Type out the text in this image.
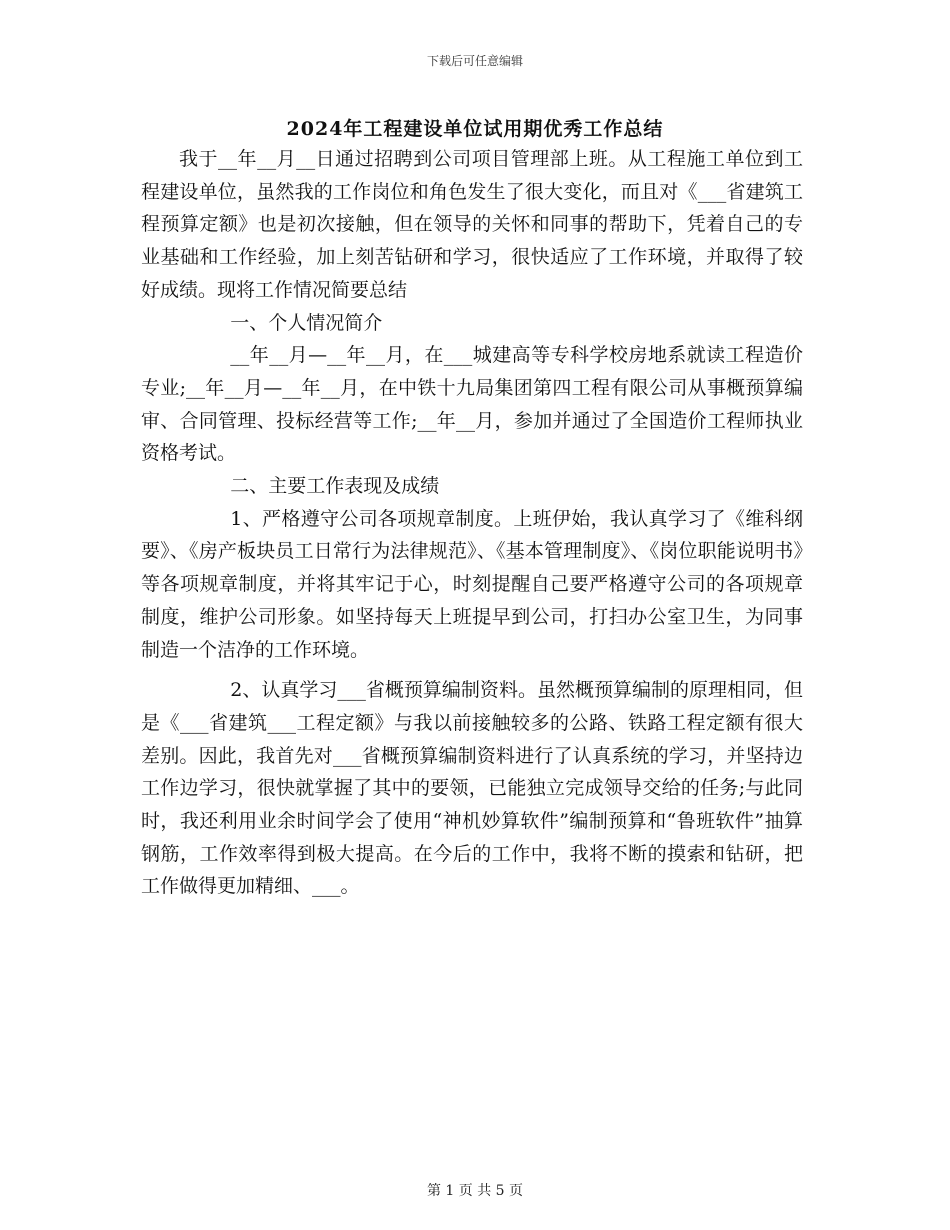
下载后可任意编辑
2024年工程建设单位试用期优秀工作总结

我于__年__月__日通过招聘到公司项目管理部上班。从工程施工单位到工程建设单位，虽然我的工作岗位和角色发生了很大变化，而且对《___省建筑工程预算定额》也是初次接触，但在领导的关怀和同事的帮助下，凭着自己的专业基础和工作经验，加上刻苦钻研和学习，很快适应了工作环境，并取得了较好成绩。现将工作情况简要总结

一、个人情况简介

__年__月—__年__月，在___城建高等专科学校房地系就读工程造价专业;__年__月—__年__月，在中铁十九局集团第四工程有限公司从事概预算编审、合同管理、投标经营等工作;__年__月，参加并通过了全国造价工程师执业资格考试。

二、主要工作表现及成绩

1、严格遵守公司各项规章制度。上班伊始，我认真学习了《维科纲要》、《房产板块员工日常行为法律规范》、《基本管理制度》、《岗位职能说明书》等各项规章制度，并将其牢记于心，时刻提醒自己要严格遵守公司的各项规章制度，维护公司形象。如坚持每天上班提早到公司，打扫办公室卫生，为同事制造一个洁净的工作环境。

2、认真学习___省概预算编制资料。虽然概预算编制的原理相同，但是《___省建筑___工程定额》与我以前接触较多的公路、铁路工程定额有很大差别。因此，我首先对___省概预算编制资料进行了认真系统的学习，并坚持边工作边学习，很快就掌握了其中的要领，已能独立完成领导交给的任务;与此同时，我还利用业余时间学会了使用“神机妙算软件”编制预算和“鲁班软件”抽算钢筋，工作效率得到极大提高。在今后的工作中，我将不断的摸索和钻研，把工作做得更加精细、___。

第 1 页 共 5 页
